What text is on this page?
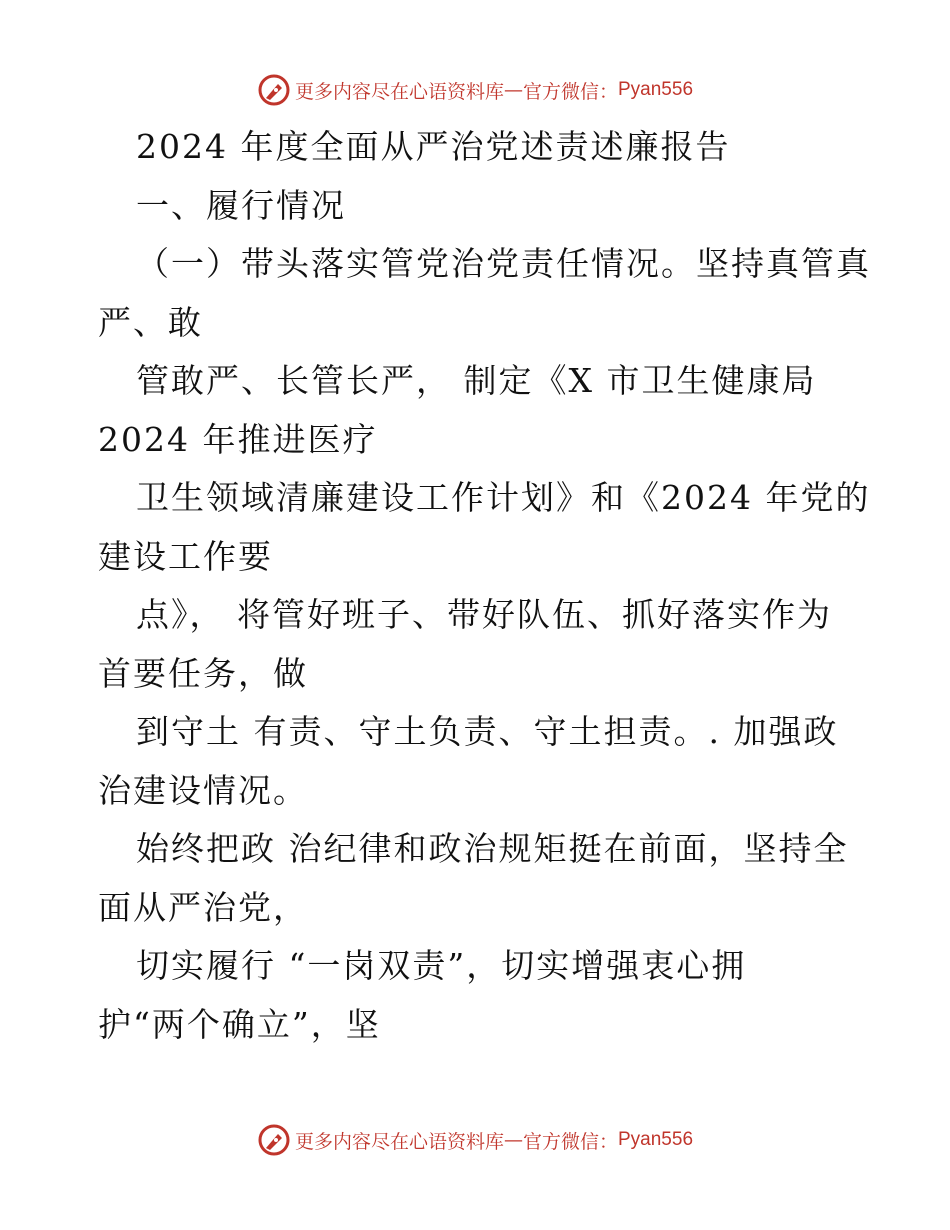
更多内容尽在心语资料库 — 官方微信： Pyan556
2024 年度全面从严治党述责述廉报告
一、履行情况
（一）带头落实管党治党责任情况。坚持真管真
严、敢
管敢严、长管长严， 制定《X 市卫生健康局
2024 年推进医疗
卫生领域清廉建设工作计划》和《2024 年党的
建设工作要
点》， 将管好班子、带好队伍、抓好落实作为
首要任务，做
到守土 有责、守土负责、守土担责。. 加强政
治建设情况。
始终把政 治纪律和政治规矩挺在前面，坚持全
面从严治党，
切实履行 “一岗双责”，切实增强衷心拥
护“两个确立”，坚
更多内容尽在心语资料库 — 官方微信： Pyan556
